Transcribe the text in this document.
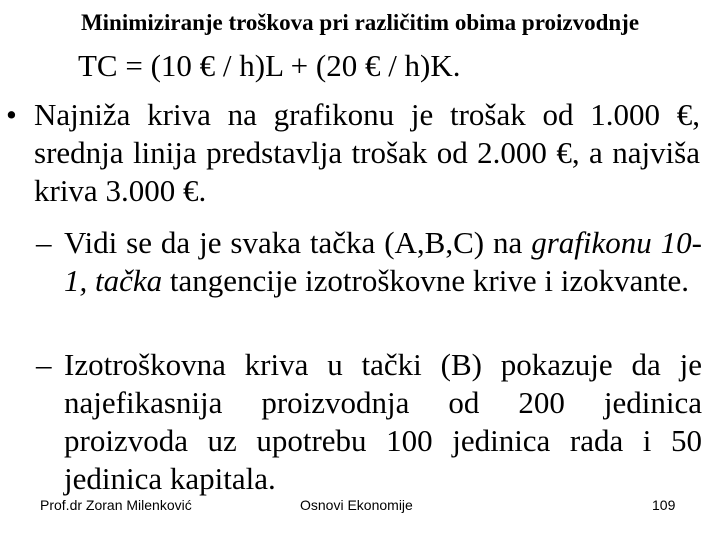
Minimiziranje troškova pri različitim obima proizvodnje
TC = (10 € / h)L + (20 € / h)K.
• Najniža kriva na grafikonu je trošak od 1.000 €, srednja linija predstavlja trošak od 2.000 €, a najviša kriva 3.000 €.
– Vidi se da je svaka tačka (A,B,C) na grafikonu 10-1, tačka tangencije izotroškovne krive i izokvante.
– Izotroškovna kriva u tački (B) pokazuje da je najefikasnija proizvodnja od 200 jedinica proizvoda uz upotrebu 100 jedinica rada i 50 jedinica kapitala.
Prof.dr Zoran Milenković	Osnovi Ekonomije	109
